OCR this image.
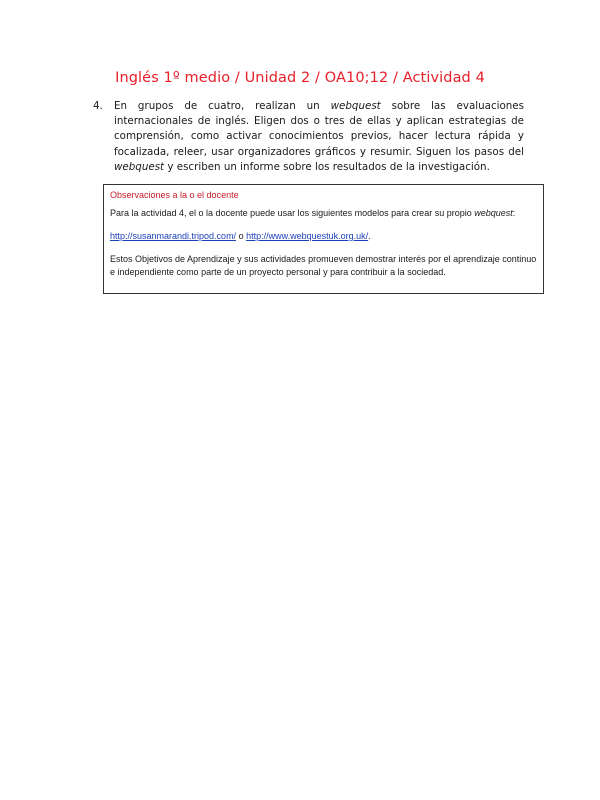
Inglés 1º medio / Unidad 2 / OA10;12 / Actividad 4
4. En grupos de cuatro, realizan un webquest sobre las evaluaciones internacionales de inglés. Eligen dos o tres de ellas y aplican estrategias de comprensión, como activar conocimientos previos, hacer lectura rápida y focalizada, releer, usar organizadores gráficos y resumir. Siguen los pasos del webquest y escriben un informe sobre los resultados de la investigación.
Observaciones a la o el docente

Para la actividad 4, el o la docente puede usar los siguientes modelos para crear su propio webquest:

http://susanmarandi.tripod.com/ o http://www.webquestuk.org.uk/.

Estos Objetivos de Aprendizaje y sus actividades promueven demostrar interés por el aprendizaje continuo e independiente como parte de un proyecto personal y para contribuir a la sociedad.
